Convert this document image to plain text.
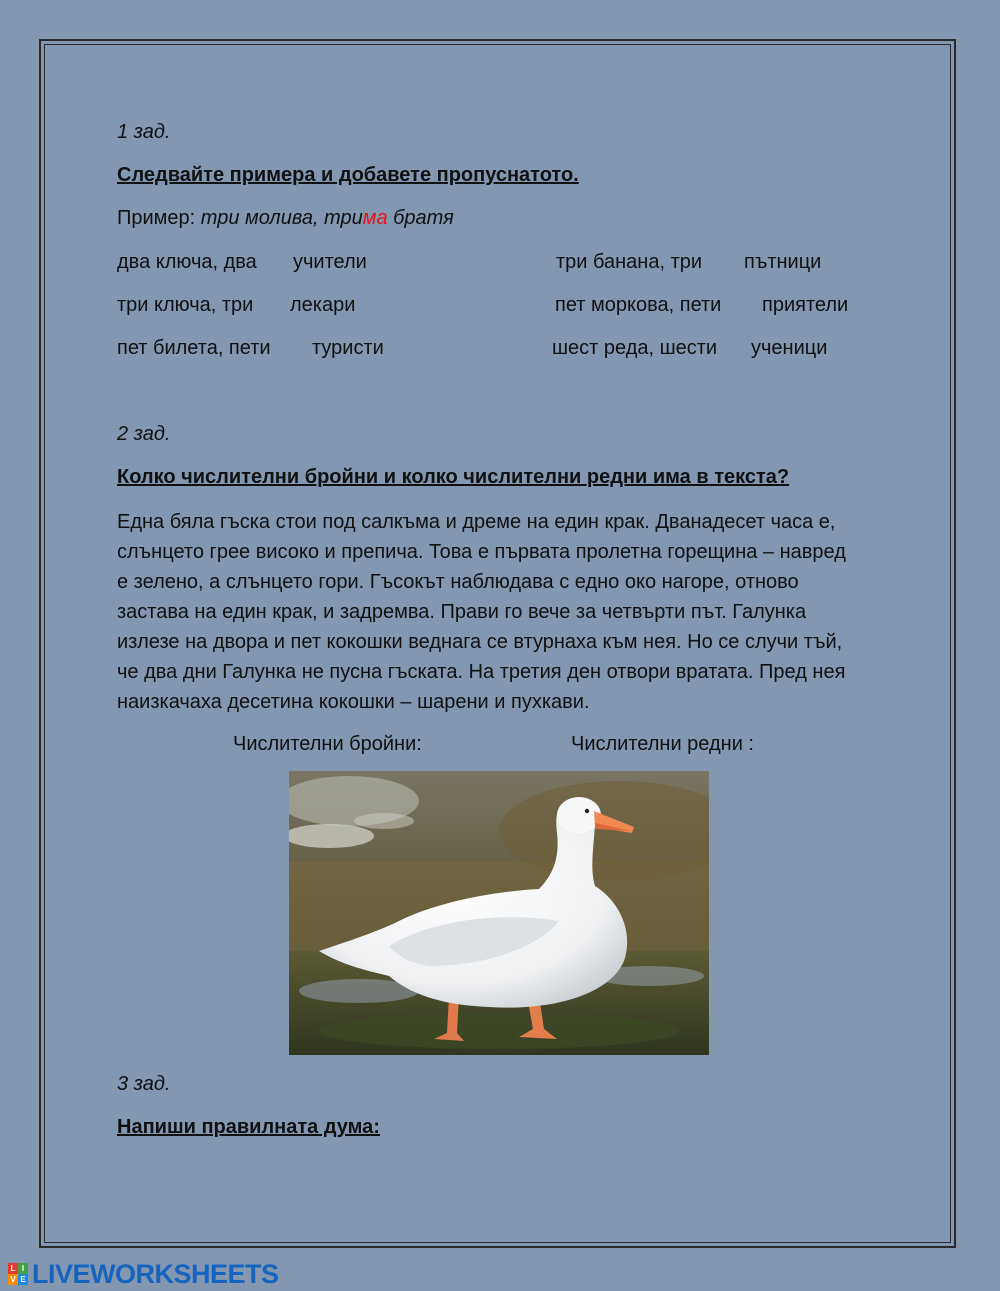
1 зад.
Следвайте примера и добавете пропуснатото.
Пример: три молива, трима братя
два ключа, два учители	три банана, три пътници
три ключа, три лекари	пет моркова, пети приятели
пет билета, пети туристи	шест реда, шести ученици
2 зад.
Колко числителни бройни и колко числителни редни има в текста?
Една бяла гъска стои под салкъма и дреме на един крак. Дванадесет часа е,
слънцето грее високо и препича. Това е първата пролетна горещина – навред
е зелено, а слънцето гори. Гъсокът наблюдава с едно око нагоре, отново
застава на един крак, и задремва. Прави го вече за четвърти път. Галунка
излезе на двора и пет кокошки веднага се втурнаха към нея. Но се случи тъй,
че два дни Галунка не пусна гъската. На третия ден отвори вратата. Пред нея
наизкачаха десетина кокошки – шарени и пухкави.
Числителни бройни:	Числителни редни :
3 зад.
Напиши правилната дума:
L I
V E LIVEWORKSHEETS
